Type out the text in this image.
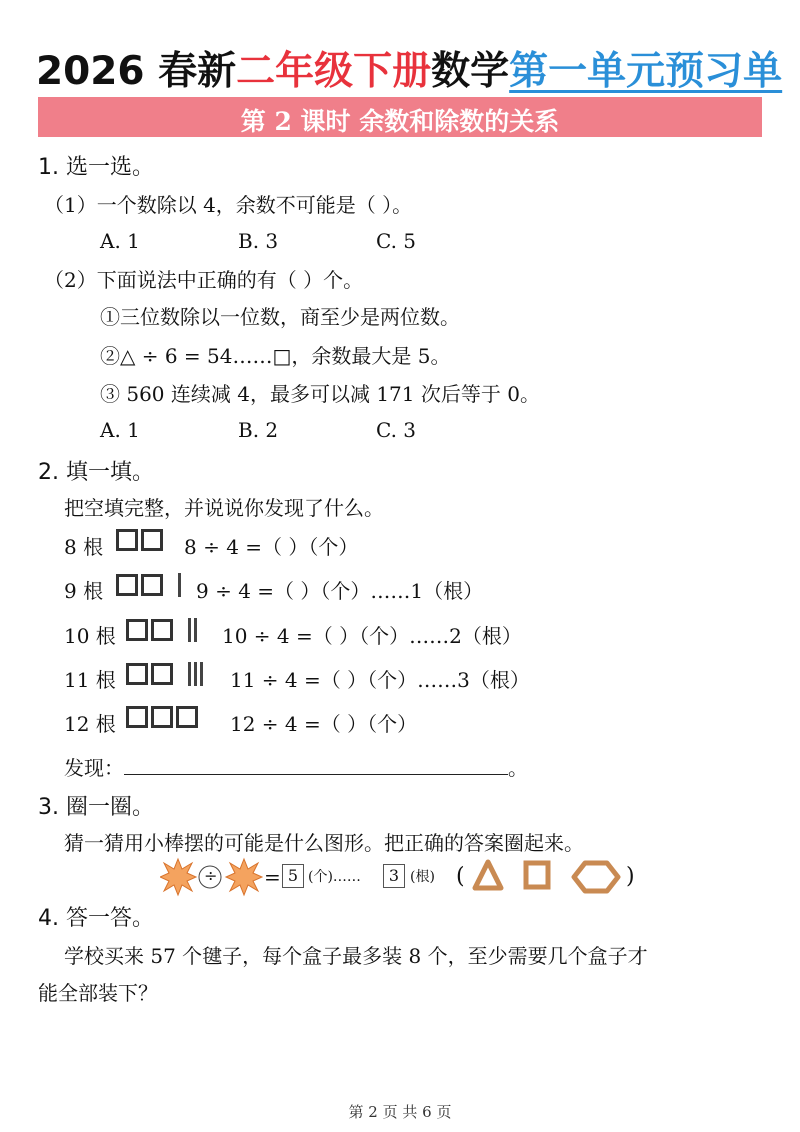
2026 春新二年级下册数学第一单元预习单
第 2 课时 余数和除数的关系
1. 选一选。
（1）一个数除以 4，余数不可能是（ ）。
A. 1	B. 3	C. 5
（2）下面说法中正确的有（ ）个。
①三位数除以一位数，商至少是两位数。
②△ ÷ 6 = 54……□，余数最大是 5。
③ 560 连续减 4，最多可以减 171 次后等于 0。
A. 1	B. 2	C. 3
2. 填一填。
把空填完整，并说说你发现了什么。
8 根	8 ÷ 4 =（ ）（个）
9 根	9 ÷ 4 =（ ）（个）……1（根）
10 根	10 ÷ 4 =（ ）（个）……2（根）
11 根	11 ÷ 4 =（ ）（个）……3（根）
12 根	12 ÷ 4 =（ ）（个）
发现：	。
3. 圈一圈。
猜一猜用小棒摆的可能是什么图形。把正确的答案圈起来。
÷ = 5 (个)……	3 (根) (	)
4. 答一答。
学校买来 57 个毽子，每个盒子最多装 8 个，至少需要几个盒子才
能全部装下？
第 2 页 共 6 页
